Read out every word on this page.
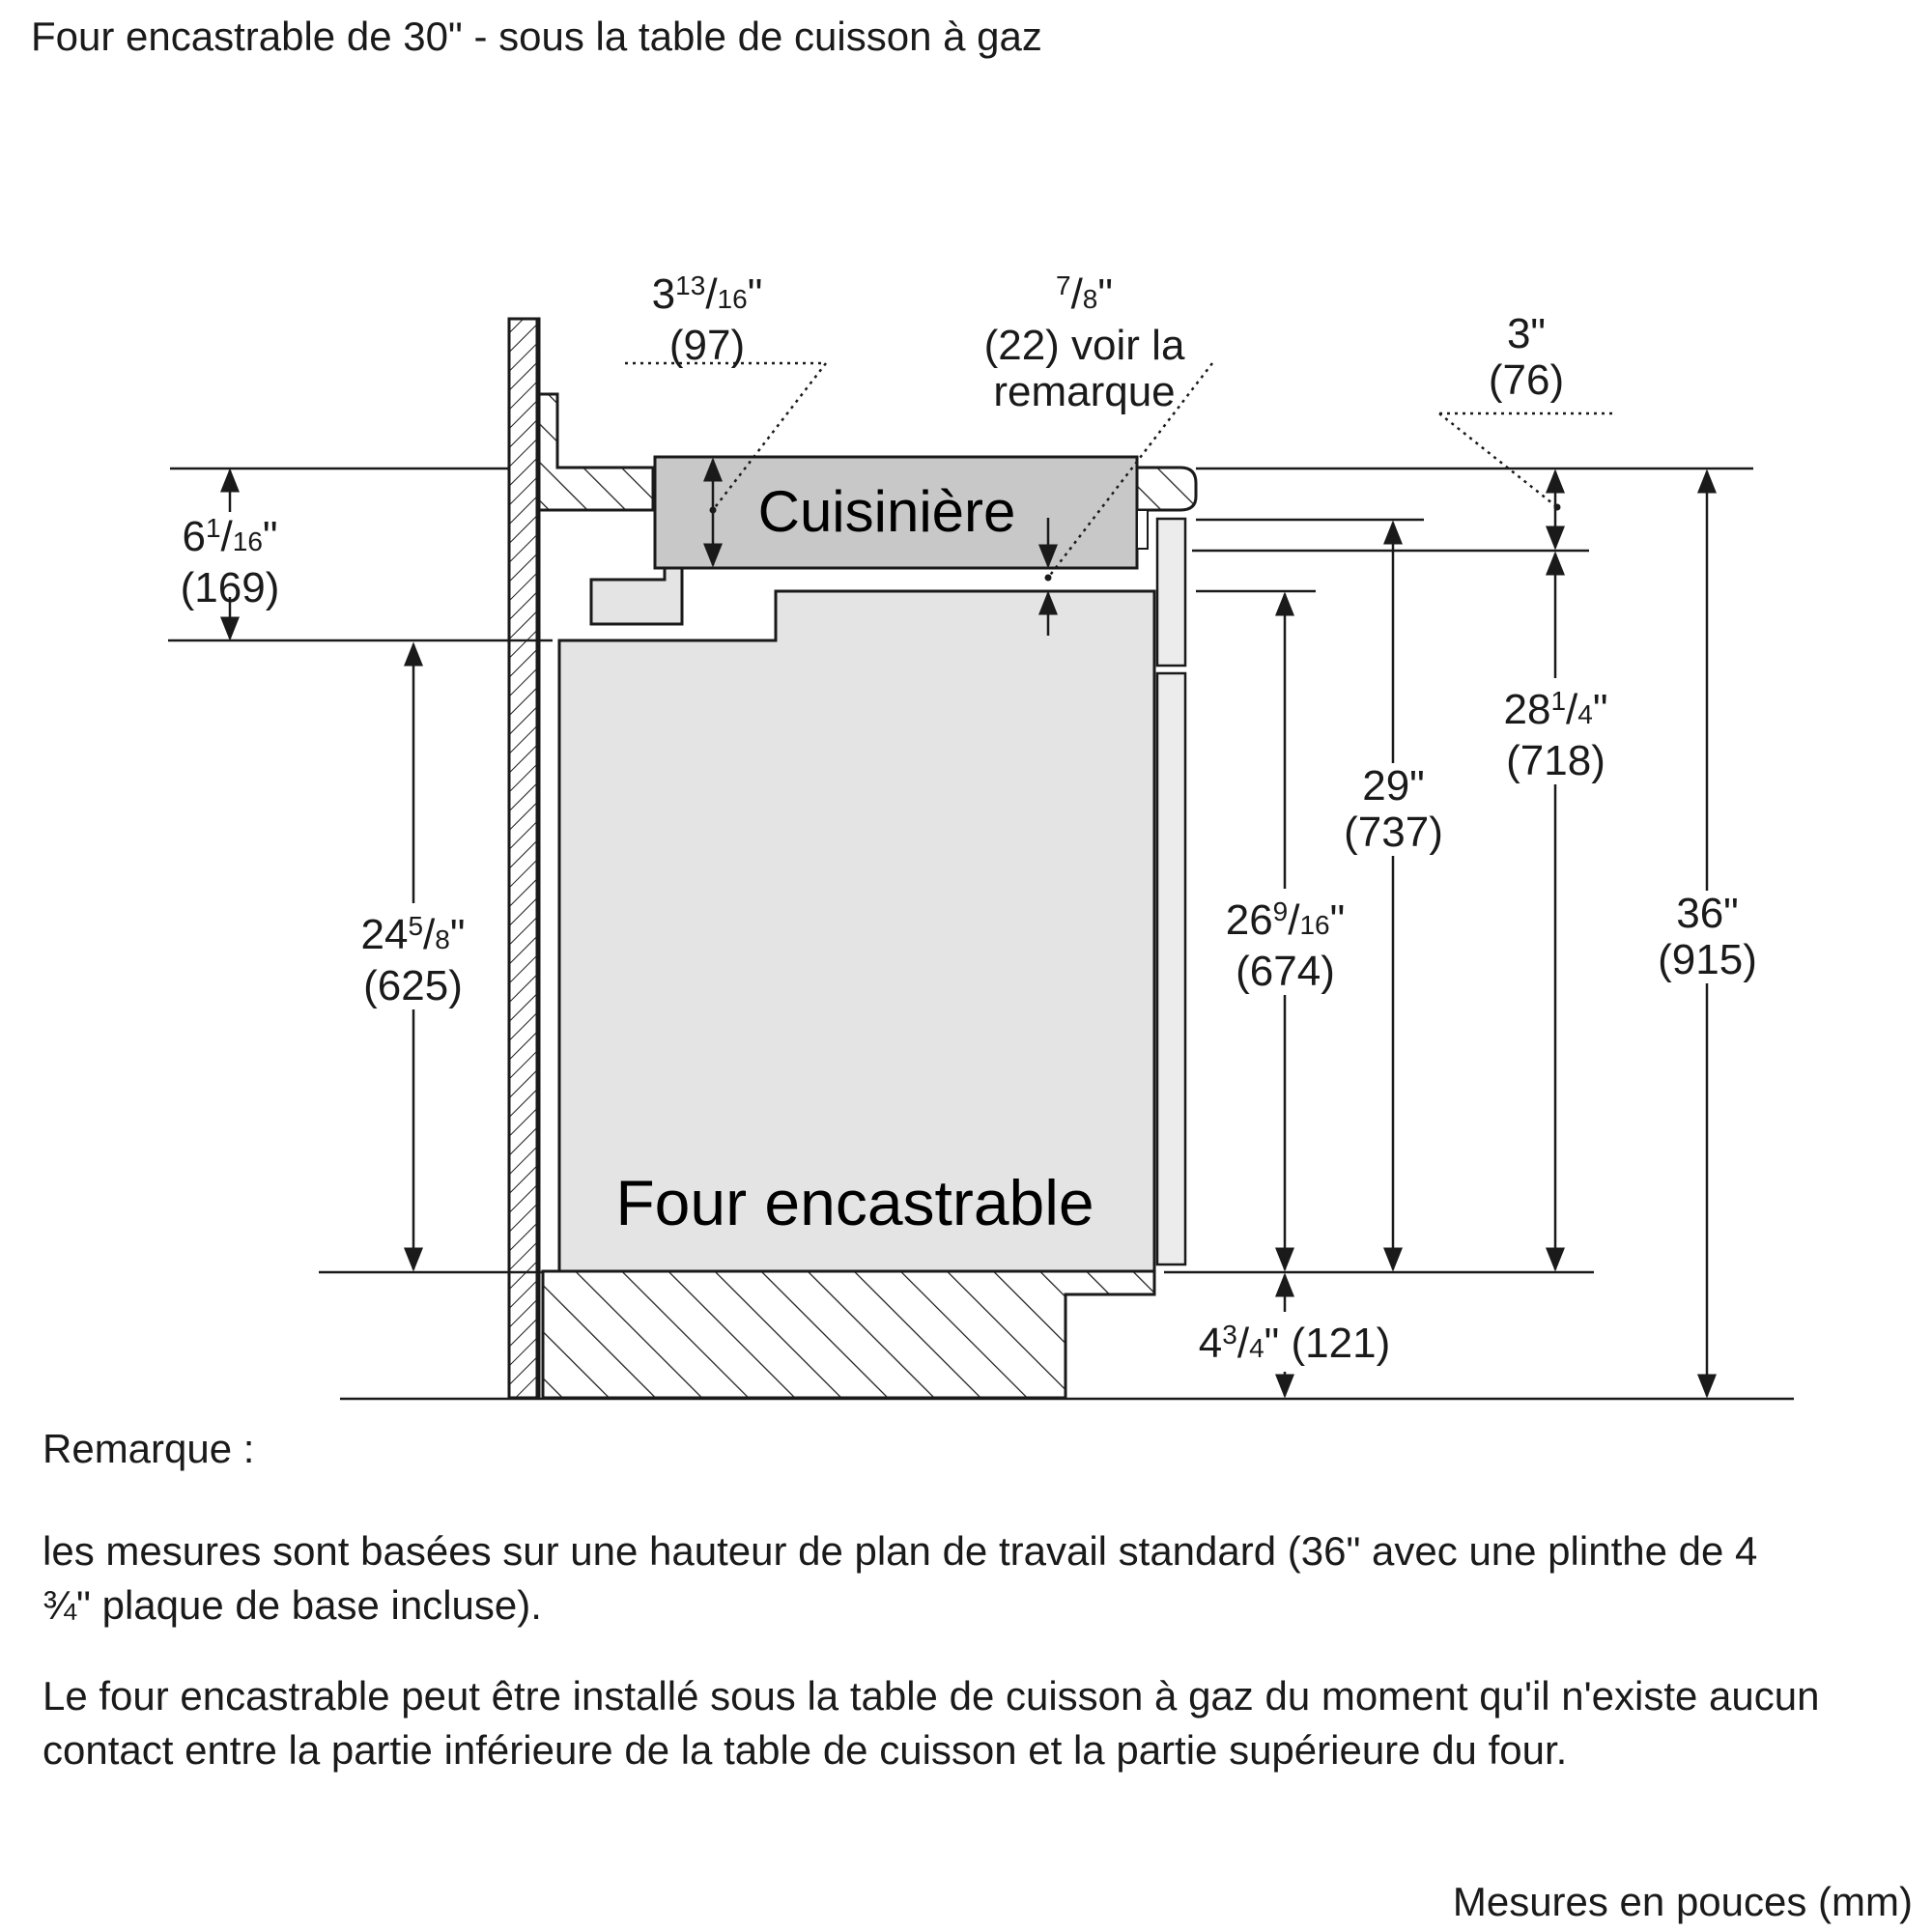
Four encastrable de 30" - sous la table de cuisson à gaz
Cuisinière
Four encastrable
$3^{13}/16$"
(97)
$^7$/8"
(22) voir la
remarque
3"
(76)
$6^1/16$"
(169)
$24^5/8$"
(625)
$26^9/16$"
(674)
29"
(737)
$28^1/4$"
(718)
36"
(915)
$4^3/4$" (121)
Remarque :
les mesures sont basées sur une hauteur de plan de travail standard (36" avec une plinthe de 4 ¾" plaque de base incluse).
Le four encastrable peut être installé sous la table de cuisson à gaz du moment qu'il n'existe aucun contact entre la partie inférieure de la table de cuisson et la partie supérieure du four.
Mesures en pouces (mm)
